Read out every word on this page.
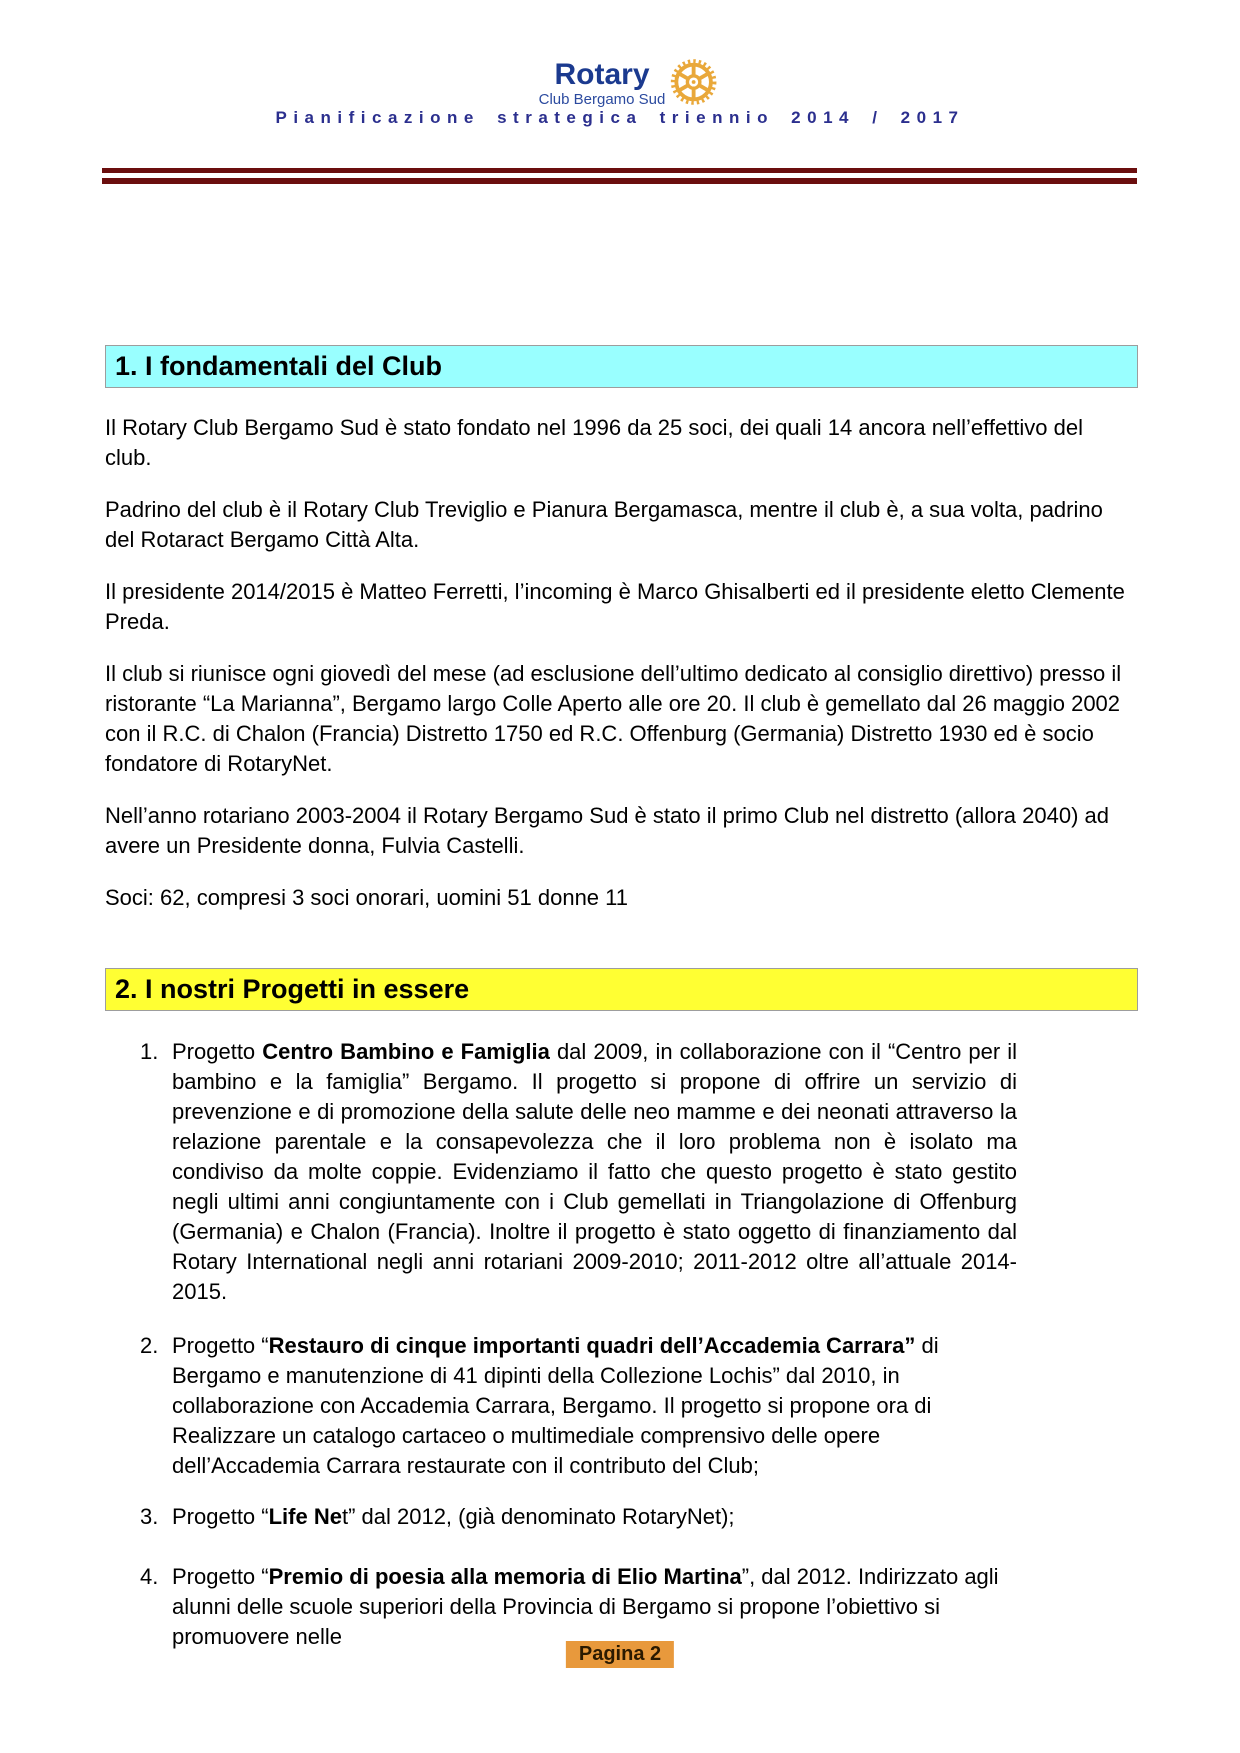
Rotary
Club Bergamo Sud
Pianificazione strategica triennio 2014 / 2017
1. I fondamentali del Club
Il Rotary Club Bergamo Sud è stato fondato nel 1996 da 25 soci, dei quali 14 ancora nell’effettivo del club.
Padrino del club è il Rotary Club Treviglio e Pianura Bergamasca, mentre il club è, a sua volta, padrino del Rotaract Bergamo Città Alta.
Il presidente 2014/2015 è Matteo Ferretti, l’incoming è Marco Ghisalberti ed il presidente eletto Clemente Preda.
Il club si riunisce ogni giovedì del mese (ad esclusione dell’ultimo dedicato al consiglio direttivo) presso il ristorante “La Marianna”, Bergamo largo Colle Aperto alle ore 20. Il club è gemellato dal 26 maggio 2002 con il R.C. di Chalon (Francia) Distretto 1750 ed R.C. Offenburg (Germania) Distretto 1930 ed è socio fondatore di RotaryNet.
Nell’anno rotariano 2003-2004 il Rotary Bergamo Sud è stato il primo Club nel distretto (allora 2040) ad avere un Presidente donna, Fulvia Castelli.
Soci: 62, compresi 3 soci onorari, uomini 51 donne 11
2. I nostri Progetti in essere
1. Progetto Centro Bambino e Famiglia dal 2009, in collaborazione con il “Centro per il bambino e la famiglia” Bergamo. Il progetto si propone di offrire un servizio di prevenzione e di promozione della salute delle neo mamme e dei neonati attraverso la relazione parentale e la consapevolezza che il loro problema non è isolato ma condiviso da molte coppie. Evidenziamo il fatto che questo progetto è stato gestito negli ultimi anni congiuntamente con i Club gemellati in Triangolazione di Offenburg (Germania) e Chalon (Francia). Inoltre il progetto è stato oggetto di finanziamento dal Rotary International negli anni rotariani 2009-2010; 2011-2012 oltre all’attuale 2014-2015.
2. Progetto “Restauro di cinque importanti quadri dell’Accademia Carrara” di Bergamo e manutenzione di 41 dipinti della Collezione Lochis” dal 2010, in collaborazione con Accademia Carrara, Bergamo. Il progetto si propone ora di Realizzare un catalogo cartaceo o multimediale comprensivo delle opere dell’Accademia Carrara restaurate con il contributo del Club;
3. Progetto “Life Net” dal 2012, (già denominato RotaryNet);
4. Progetto “Premio di poesia alla memoria di Elio Martina”, dal 2012. Indirizzato agli alunni delle scuole superiori della Provincia di Bergamo si propone l’obiettivo si promuovere nelle
Pagina 2
